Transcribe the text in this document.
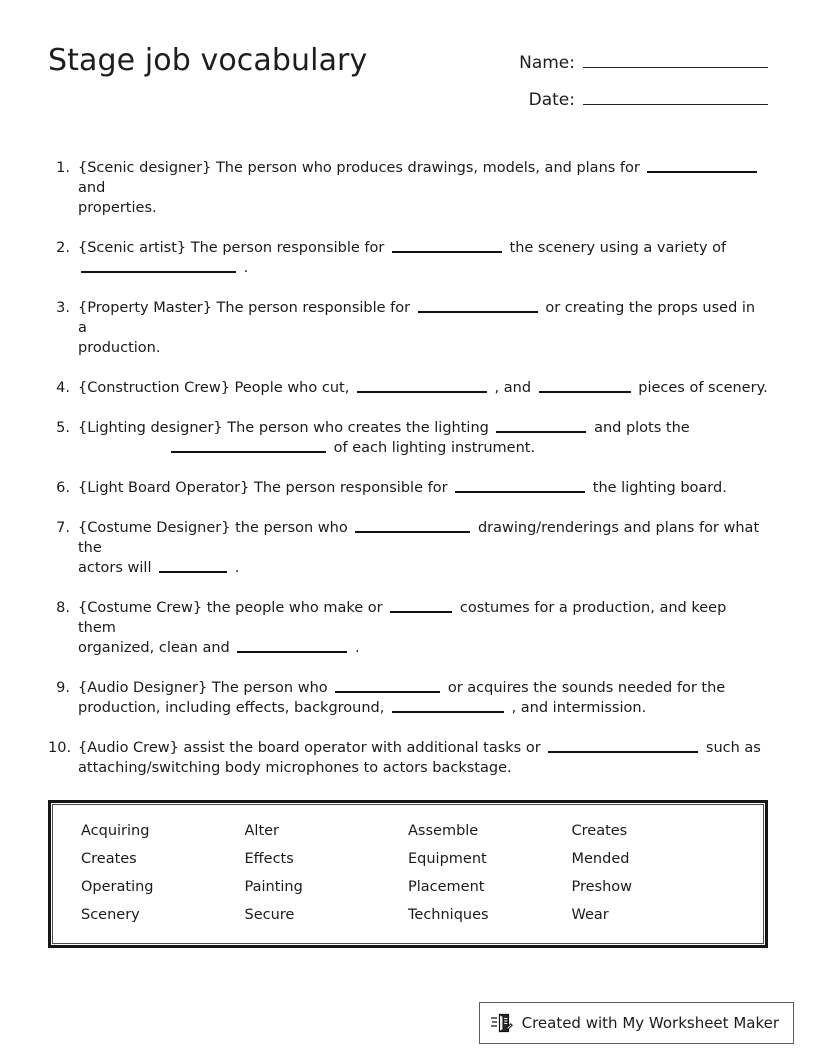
Stage job vocabulary	Name:
Date:
1. {Scenic designer} The person who produces drawings, models, and plans for  and
properties.
2. {Scenic artist} The person responsible for	the scenery using a variety of
.
3. {Property Master} The person responsible for	or creating the props used in a
production.
4. {Construction Crew} People who cut,	, and	pieces of scenery.
5. {Lighting designer} The person who creates the lighting	and plots the
of each lighting instrument.
6. {Light Board Operator} The person responsible for	the lighting board.
7. {Costume Designer} the person who	drawing/renderings and plans for what the
actors will	.
8. {Costume Crew} the people who make or	costumes for a production, and keep them
organized, clean and	.
9. {Audio Designer} The person who	or acquires the sounds needed for the
production, including effects, background,	, and intermission.
10. {Audio Crew} assist the board operator with additional tasks or	such as
attaching/switching body microphones to actors backstage.
Acquiring	Alter	Assemble	Creates
Creates	Effects	Equipment	Mended
Operating	Painting	Placement	Preshow
Scenery	Secure	Techniques	Wear
Created with My Worksheet Maker
